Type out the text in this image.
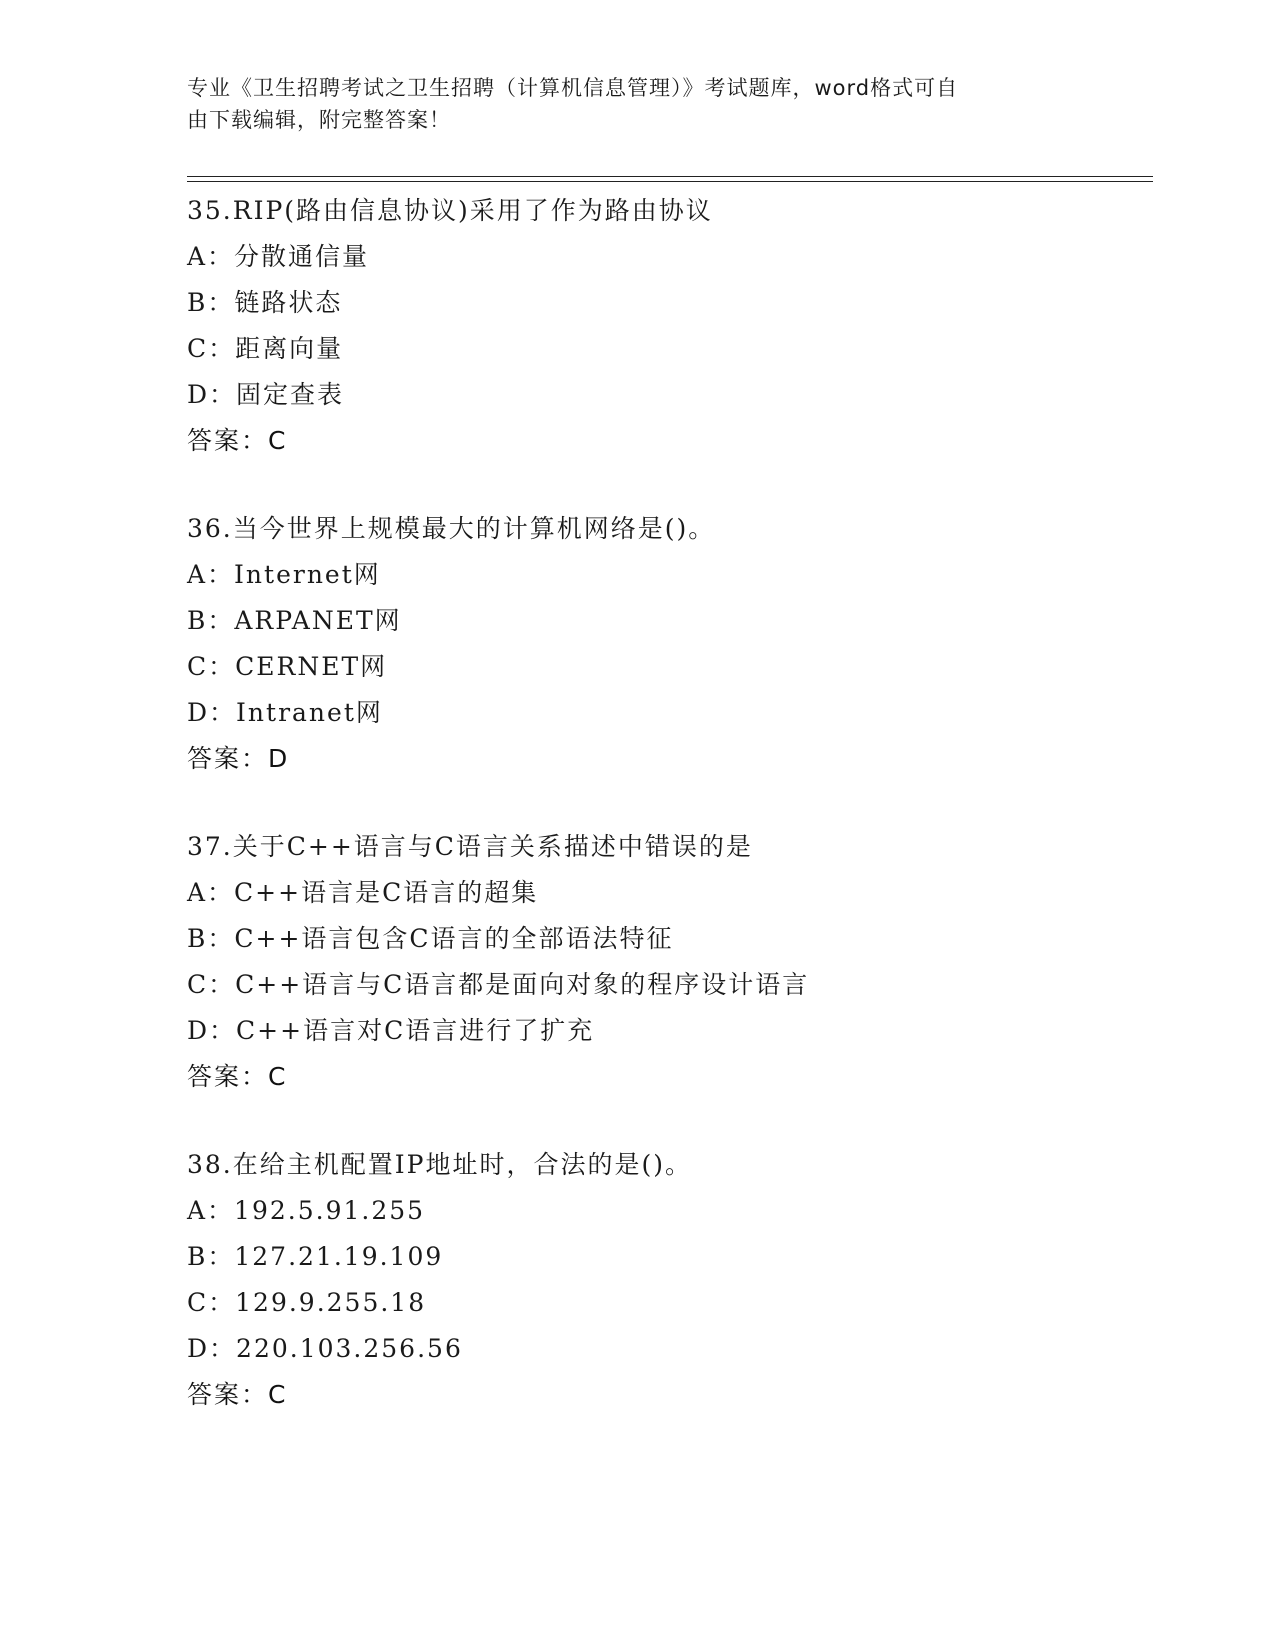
专业《卫生招聘考试之卫生招聘（计算机信息管理）》考试题库，word格式可自

由下载编辑，附完整答案！

35.RIP(路由信息协议)采用了作为路由协议
A：分散通信量
B：链路状态
C：距离向量
D：固定查表
答案：C
36.当今世界上规模最大的计算机网络是()。
A：Internet网
B：ARPANET网
C：CERNET网
D：Intranet网
答案：D
37.关于C++语言与C语言关系描述中错误的是
A：C++语言是C语言的超集
B：C++语言包含C语言的全部语法特征
C：C++语言与C语言都是面向对象的程序设计语言
D：C++语言对C语言进行了扩充
答案：C
38.在给主机配置IP地址时，合法的是()。
A：192.5.91.255
B：127.21.19.109
C：129.9.255.18
D：220.103.256.56
答案：C
